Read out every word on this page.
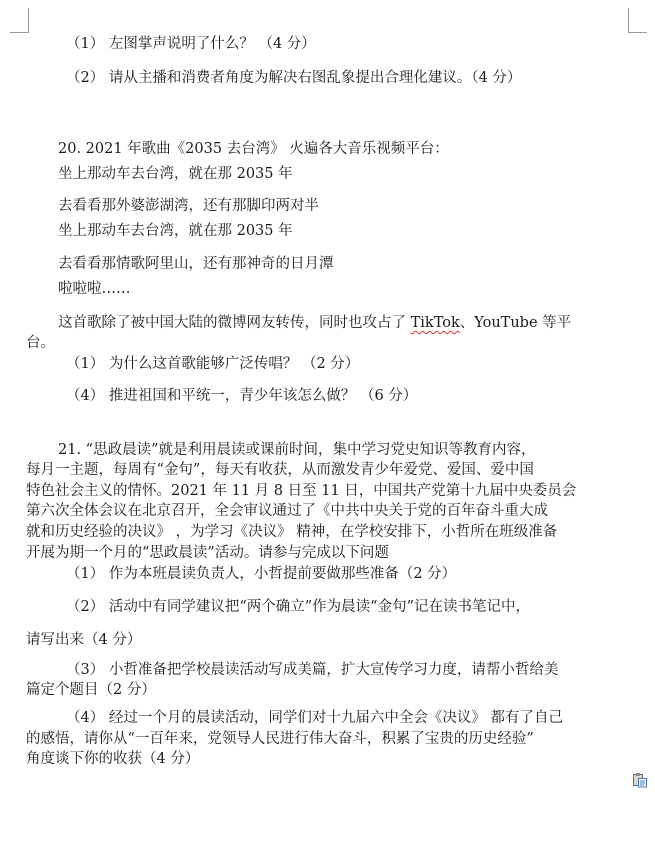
（1） 左图掌声说明了什么？ （4 分）
（2） 请从主播和消费者角度为解决右图乱象提出合理化建议。（4 分）
20. 2021 年歌曲《2035 去台湾》 火遍各大音乐视频平台：
坐上那动车去台湾，就在那 2035 年
去看看那外婆澎湖湾，还有那脚印两对半
坐上那动车去台湾，就在那 2035 年
去看看那情歌阿里山，还有那神奇的日月潭
啦啦啦……
这首歌除了被中国大陆的微博网友转传，同时也攻占了 TikTok、YouTube 等平
台。
（1） 为什么这首歌能够广泛传唱？ （2 分）
（4） 推进祖国和平统一，青少年该怎么做？ （6 分）
21. “思政晨读”就是利用晨读或课前时间，集中学习党史知识等教育内容，
每月一主题，每周有“金句”，每天有收获，从而激发青少年爱党、爱国、爱中国
特色社会主义的情怀。2021 年 11 月 8 日至 11 日，中国共产党第十九届中央委员会
第六次全体会议在北京召开，全会审议通过了《中共中央关于党的百年奋斗重大成
就和历史经验的决议》 ，为学习《决议》 精神，在学校安排下，小哲所在班级准备
开展为期一个月的“思政晨读”活动。请参与完成以下问题
（1） 作为本班晨读负责人，小哲提前要做那些准备（2 分）
（2） 活动中有同学建议把“两个确立”作为晨读“金句”记在读书笔记中，
请写出来（4 分）
（3） 小哲准备把学校晨读活动写成美篇，扩大宣传学习力度，请帮小哲给美
篇定个题目（2 分）
（4） 经过一个月的晨读活动，同学们对十九届六中全会《决议》 都有了自己
的感悟，请你从“一百年来，党领导人民进行伟大奋斗，积累了宝贵的历史经验”
角度谈下你的收获（4 分）
